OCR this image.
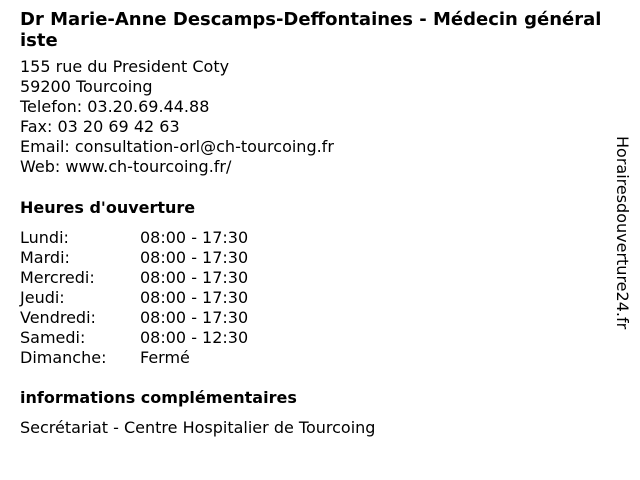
Dr Marie-Anne Descamps-Deffontaines - Médecin généraliste
155 rue du President Coty
59200 Tourcoing
Telefon: 03.20.69.44.88
Fax: 03 20 69 42 63
Email: consultation-orl@ch-tourcoing.fr
Web: www.ch-tourcoing.fr/
Heures d'ouverture
Lundi:	08:00 - 17:30
Mardi:	08:00 - 17:30
Mercredi:	08:00 - 17:30
Jeudi:	08:00 - 17:30
Vendredi:	08:00 - 17:30
Samedi:	08:00 - 12:30
Dimanche:	Fermé
informations complémentaires
Secrétariat - Centre Hospitalier de Tourcoing
Horairesdouverture24.fr
